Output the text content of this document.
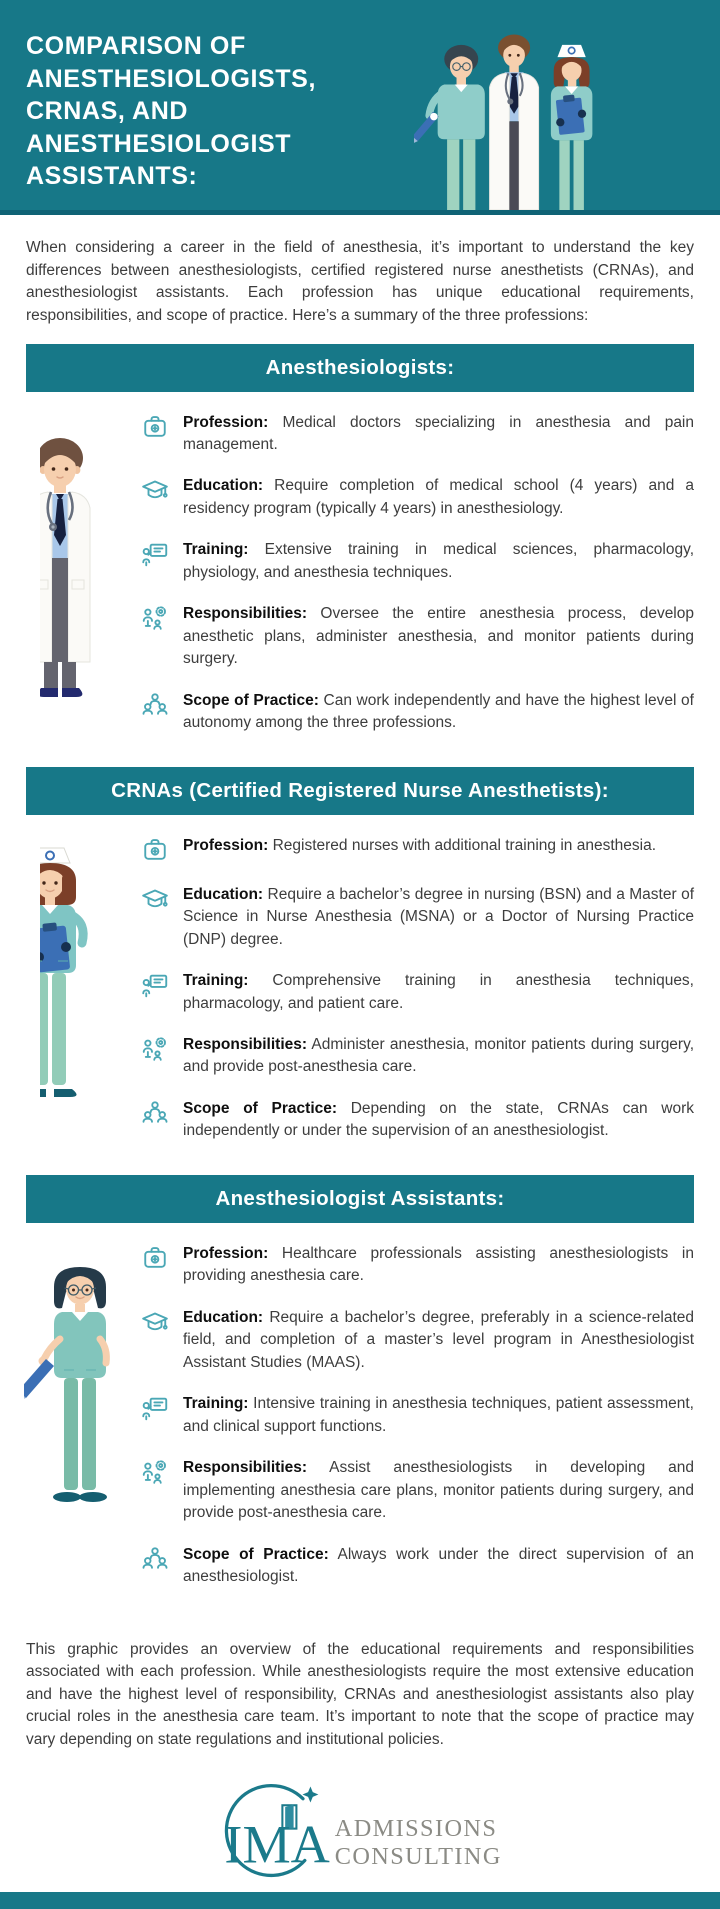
COMPARISON OF ANESTHESIOLOGISTS, CRNAS, AND ANESTHESIOLOGIST ASSISTANTS:

When considering a career in the field of anesthesia, it’s important to understand the key differences between anesthesiologists, certified registered nurse anesthetists (CRNAs), and anesthesiologist assistants. Each profession has unique educational requirements, responsibilities, and scope of practice. Here’s a summary of the three professions:

Anesthesiologists:

Profession: Medical doctors specializing in anesthesia and pain management.

Education: Require completion of medical school (4 years) and a residency program (typically 4 years) in anesthesiology.

Training: Extensive training in medical sciences, pharmacology, physiology, and anesthesia techniques.

Responsibilities: Oversee the entire anesthesia process, develop anesthetic plans, administer anesthesia, and monitor patients during surgery.

Scope of Practice: Can work independently and have the highest level of autonomy among the three professions.

CRNAs (Certified Registered Nurse Anesthetists):

Profession: Registered nurses with additional training in anesthesia.

Education: Require a bachelor’s degree in nursing (BSN) and a Master of Science in Nurse Anesthesia (MSNA) or a Doctor of Nursing Practice (DNP) degree.

Training: Comprehensive training in anesthesia techniques, pharmacology, and patient care.

Responsibilities: Administer anesthesia, monitor patients during surgery, and provide post-anesthesia care.

Scope of Practice: Depending on the state, CRNAs can work independently or under the supervision of an anesthesiologist.

Anesthesiologist Assistants:

Profession: Healthcare professionals assisting anesthesiologists in providing anesthesia care.

Education: Require a bachelor’s degree, preferably in a science-related field, and completion of a master’s level program in Anesthesiologist Assistant Studies (MAAS).

Training: Intensive training in anesthesia techniques, patient assessment, and clinical support functions.

Responsibilities: Assist anesthesiologists in developing and implementing anesthesia care plans, monitor patients during surgery, and provide post-anesthesia care.

Scope of Practice: Always work under the direct supervision of an anesthesiologist.

This graphic provides an overview of the educational requirements and responsibilities associated with each profession. While anesthesiologists require the most extensive education and have the highest level of responsibility, CRNAs and anesthesiologist assistants also play crucial roles in the anesthesia care team. It’s important to note that the scope of practice may vary depending on state regulations and institutional policies.

IMA ADMISSIONS
CONSULTING
